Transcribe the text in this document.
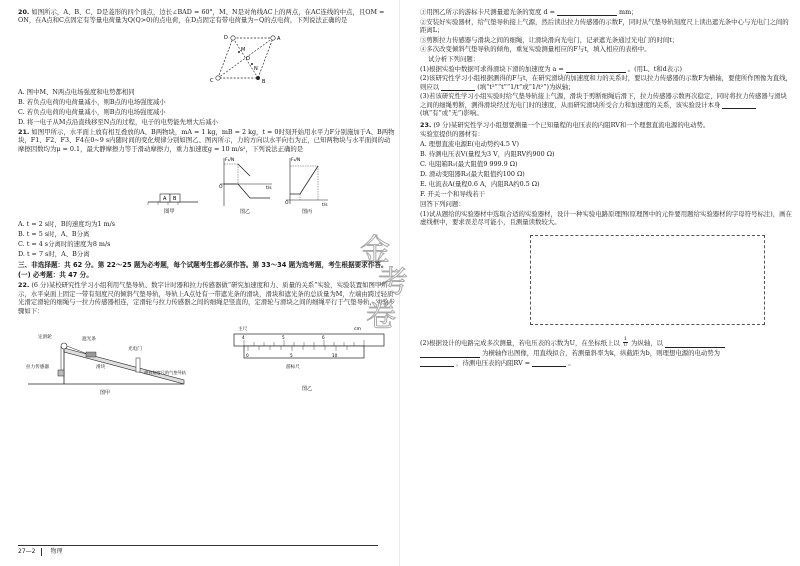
20. 如图所示，A、B、C、D是菱形的四个顶点，边长∠BAD = 60°，M、N是对角线AC上的两点，在AC连线的中点，且OM = ON，在A点和C点固定有等量电荷量为Q(Q>0)的点电荷，在D点固定有带电荷量为−Q的点电荷，下列说法正确的是

D	A
M
O
N
C	B

A. 图中M、N两点电场强度和电势都相同

B. 若负点电荷的电荷量减小，则B点的电场强度减小

C. 若负点电荷的电荷量减小，则B点的电场强度减小

D. 将一电子从M点沿直线移至N点的过程，电子的电势能先增大后减小

21. 如图甲所示，水平面上放有相互叠放的A、B两物块，mA = 1 kg，mB = 2 kg，t = 0时刻开始用水平力F分别施加于A、B两物块，F1、F2、F3、F4在0~9 s内随时间的变化规律分别如图乙、图丙所示，力的方向以水平向右为正，已知两物块与水平面间的动摩擦因数均为μ = 0.1，最大静摩擦力等于滑动摩擦力，重力加速度g = 10 m/s²，下列说法正确的是

A B
图甲
F₁/N
O	t/s
图乙
F₂/N
O	t/s
图丙

A. t = 2 s时，B的速度均为1 m/s

B. t = 5 s时，A、B分离

C. t = 4 s分离时的速度为8 m/s

D. t = 7 s时，A、B分离

三、非选择题：共 62 分。第 22～25 题为必考题，每个试题考生都必须作答。第 33～34 题为选考题，考生根据要求作答。

(一) 必考题：共 47 分。

22. (6 分)某校研究性学习小组利用气垫导轨、数字计时器和拉力传感器做“研究加速度和力、质量的关系”实验，实验装置如图甲所示，水平桌面上固定一带有刻度尺的倾斜气垫导轨，导轨上A点处有一带遮光条的滑块，滑块和遮光条的总质量为M，左端由跨过轻质光滑定滑轮的细绳与一拉力传感器相连，定滑轮与拉力传感器之间的细绳是竖直的，定滑轮与滑块之间的细绳平行于气垫导轨，实验步骤如下：

定滑轮	遮光条
光电门
拉力传感器	滑块
带有刻度尺的气垫导轨
图甲
主尺	cm
4	5	6
0	5	10
游标尺
图乙
27—2	物理

①用图乙所示的游标卡尺测量遮光条的宽度 d =	mm；

②安装好实验器材，给气垫导轨接上气源，然后读出拉力传感器的示数F，同时从气垫导轨刻度尺上读出遮光条中心与光电门之间的距离L；

③剪断拉力传感器与滑块之间的细绳，让滑块滑向光电门，记录遮光条通过光电门的时间t；

④多次改变倾斜气垫导轨的倾角，重复实验测量相应的F与t，填入相应的表格中。

试分析下列问题：

(1)根据实验中数据可求得滑块下滑的加速度为 a =	。(用L、t和d表示)

(2)该研究性学习小组根据测得的F与t，在研究滑块的加速度和力的关系时，要以拉力传感器的示数F为横轴，要使所作图像为直线，则应以	(填“t²”“t”“1/t”或“1/t²”)为纵轴；

(3)若该研究性学习小组实验时给气垫导轨接上气源，滑块于剪断细绳后滑下，拉力传感器示数再次稳定，同时将拉力传感器与滑块之间的细绳剪断，测得滑块经过光电门时的速度，从而研究滑块所受合力和加速度的关系，该实验设计本身  (填“有”或“无”)影响。

23. (9 分)某研究性学习小组想要测量一个已知量程的电压表的内阻RV和一个理想直流电源的电动势。

实验室提供的器材有：

A. 理想直流电源E(电动势约4.5 V)

B. 待测电压表V(量程为3 V，内阻RV约900 Ω)

C. 电阻箱R₁(最大阻值9 999.9 Ω)

D. 滑动变阻器R₂(最大阻值约100 Ω)

E. 电流表A(量程0.6 A，内阻RA约0.5 Ω)

F. 开关一个和导线若干

回答下列问题：

(1)试从题给的实验器材中选取合适的实验器材，设计一种实验电路原理图(原理图中的元件要用题给实验器材的字母符号标注)，画在虚线框中，要求误差尽可能小，且测量读数较大。

(2)根据设计的电路完成多次测量，若电压表的示数为U，在坐标纸上以 $\frac{1}{U}$ 为纵轴，以

为横轴作出图像，用直线拟合，若测量斜率为k，纵截距为b，则理想电源的电动势为

，待测电压表的内阻RV =	。

金
考
卷
